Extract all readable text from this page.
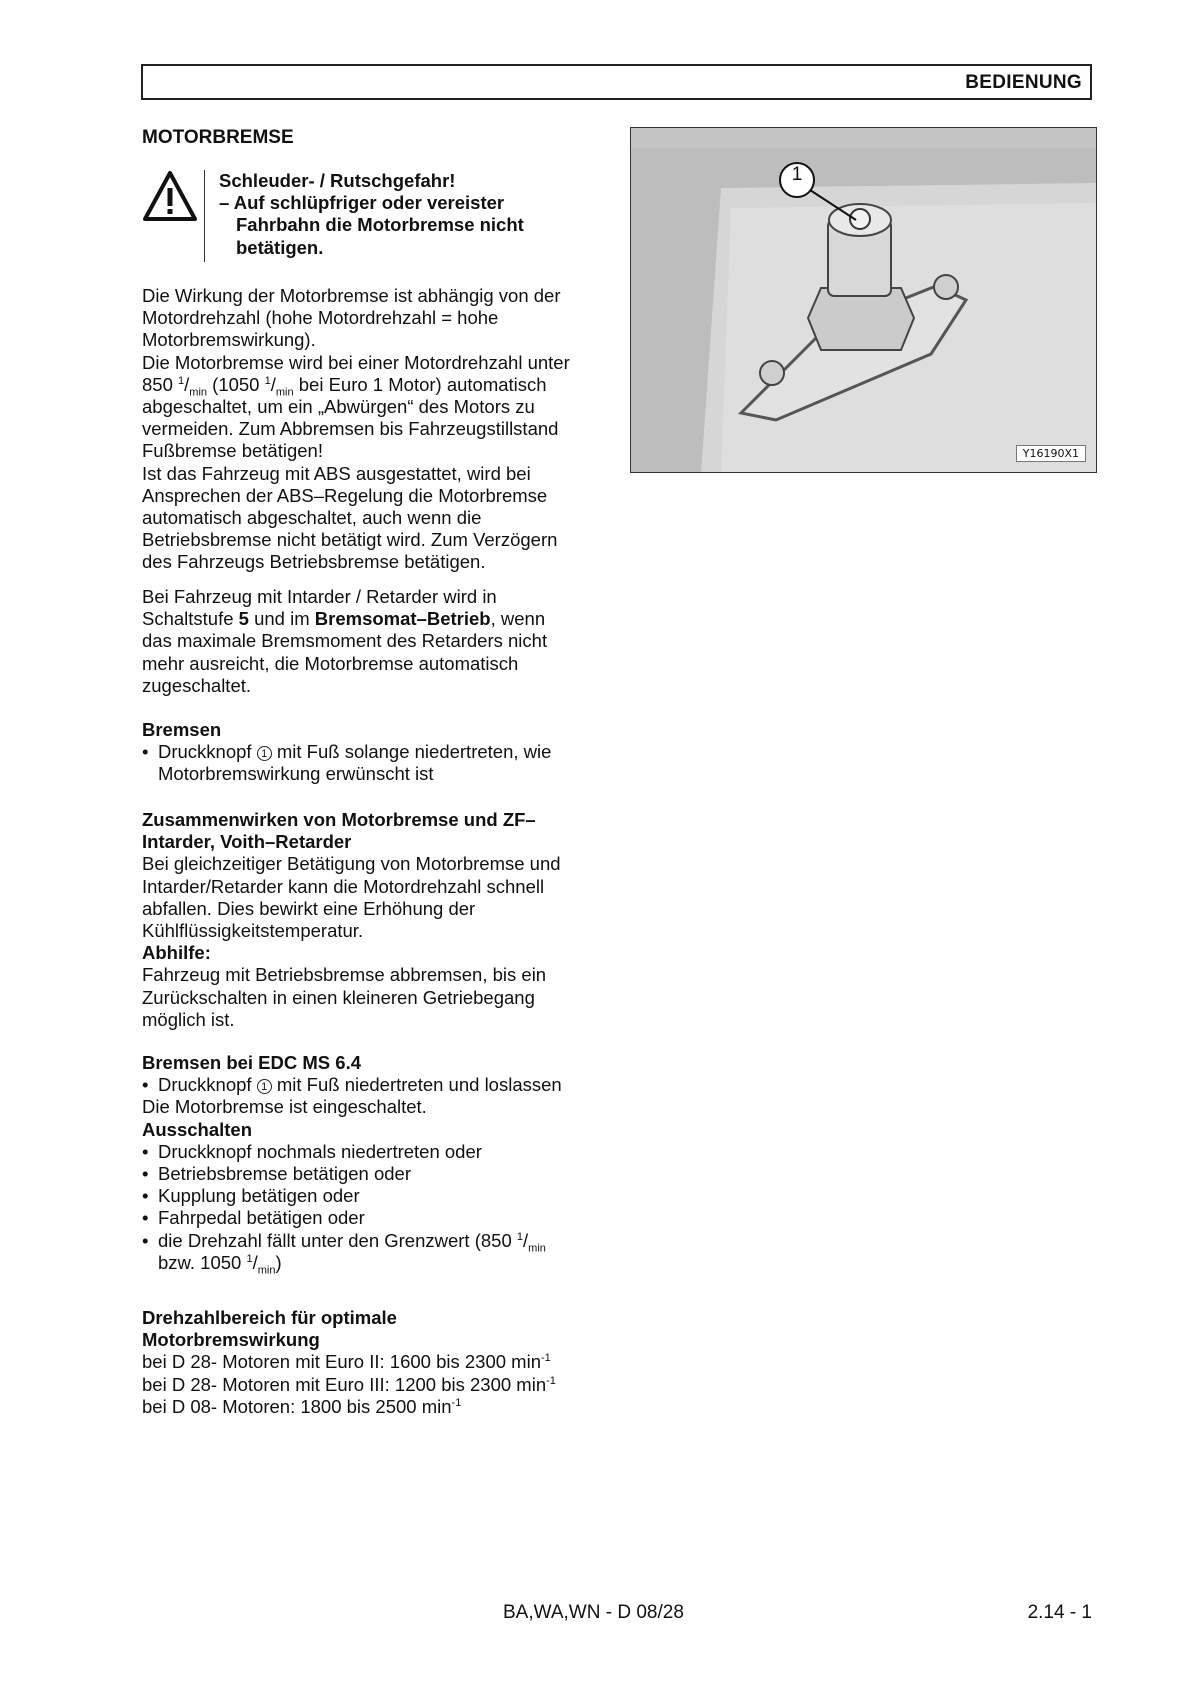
BEDIENUNG
MOTORBREMSE
Schleuder- / Rutschgefahr!
– Auf schlüpfriger oder vereister
Fahrbahn die Motorbremse nicht
betätigen.
Die Wirkung der Motorbremse ist abhängig von der
Motordrehzahl (hohe Motordrehzahl = hohe
Motorbremswirkung).
Die Motorbremse wird bei einer Motordrehzahl unter
850 $^1/_{min}$ (1050 $^1/_{min}$ bei Euro 1 Motor) automatisch
abgeschaltet, um ein „Abwürgen“ des Motors zu
vermeiden. Zum Abbremsen bis Fahrzeugstillstand
Fußbremse betätigen!
Ist das Fahrzeug mit ABS ausgestattet, wird bei
Ansprechen der ABS–Regelung die Motorbremse
automatisch abgeschaltet, auch wenn die
Betriebsbremse nicht betätigt wird. Zum Verzögern
des Fahrzeugs Betriebsbremse betätigen.
Bei Fahrzeug mit Intarder / Retarder wird in
Schaltstufe 5 und im Bremsomat–Betrieb, wenn
das maximale Bremsmoment des Retarders nicht
mehr ausreicht, die Motorbremse automatisch
zugeschaltet.
Bremsen
• Druckknopf 1 mit Fuß solange niedertreten, wie
Motorbremswirkung erwünscht ist
Zusammenwirken von Motorbremse und ZF–
Intarder, Voith–Retarder
Bei gleichzeitiger Betätigung von Motorbremse und
Intarder/Retarder kann die Motordrehzahl schnell
abfallen. Dies bewirkt eine Erhöhung der
Kühlflüssigkeitstemperatur.
Abhilfe:
Fahrzeug mit Betriebsbremse abbremsen, bis ein
Zurückschalten in einen kleineren Getriebegang
möglich ist.
Bremsen bei EDC MS 6.4
• Druckknopf 1 mit Fuß niedertreten und loslassen
Die Motorbremse ist eingeschaltet.
Ausschalten
• Druckknopf nochmals niedertreten oder
• Betriebsbremse betätigen oder
• Kupplung betätigen oder
• Fahrpedal betätigen oder
• die Drehzahl fällt unter den Grenzwert (850 $^1/_{min}$
bzw. 1050 $^1/_{min}$)
Drehzahlbereich für optimale
Motorbremswirkung
bei D 28- Motoren mit Euro II: 1600 bis 2300 $\min^{-1}$
bei D 28- Motoren mit Euro III: 1200 bis 2300 $\min^{-1}$
bei D 08- Motoren: 1800 bis 2500 $\min^{-1}$
1
Y16190X1
BA,WA,WN - D 08/28	2.14 - 1
